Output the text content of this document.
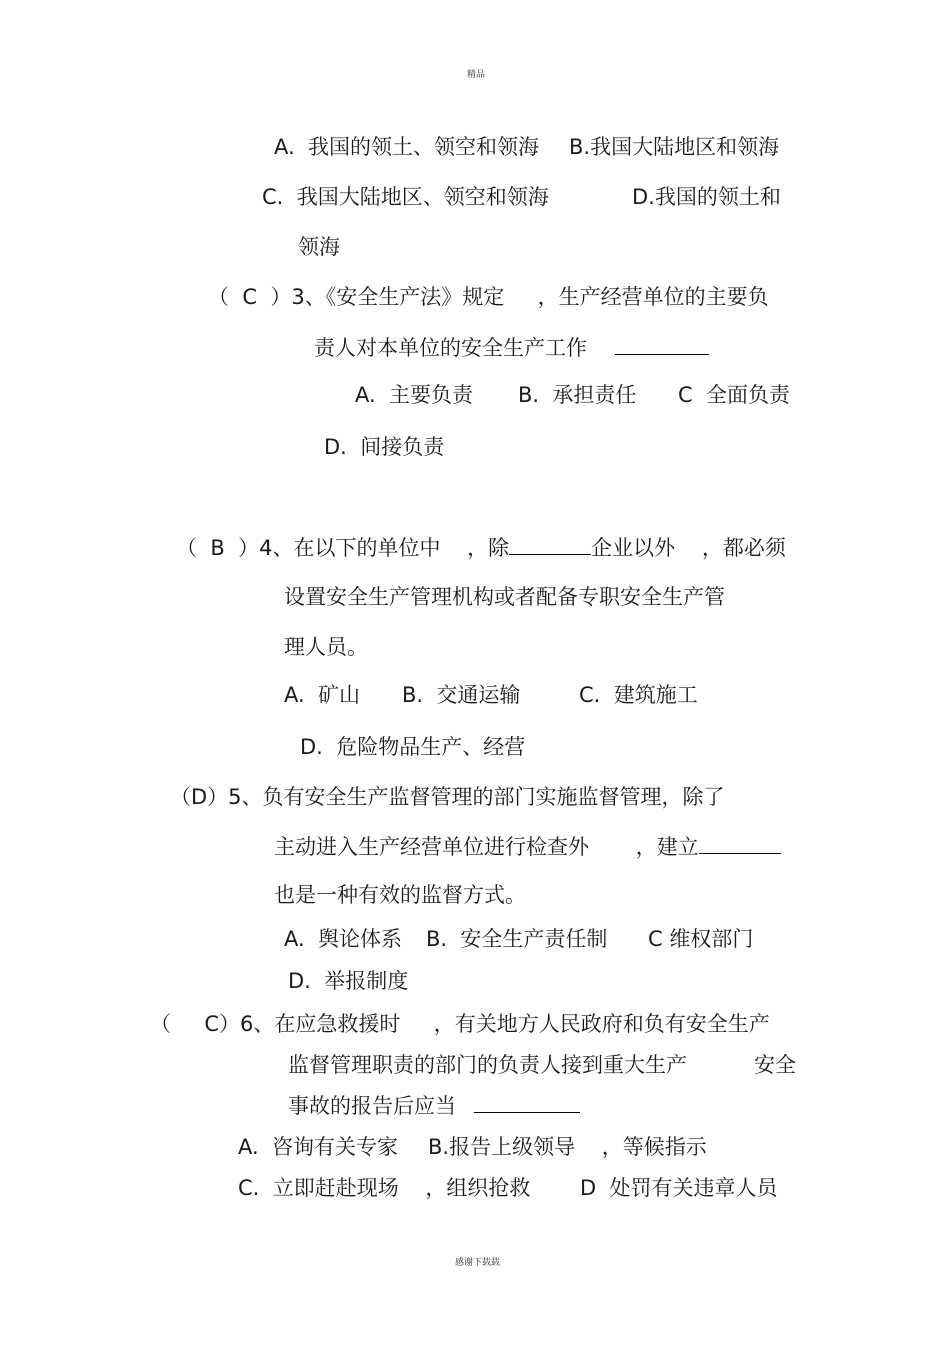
精品
A.  我国的领土、领空和领海 B.我国大陆地区和领海
C.  我国大陆地区、领空和领海	D.我国的领土和
领海
（  C  ）3、《安全生产法》规定     ，生产经营单位的主要负
责人对本单位的安全生产工作
A.  主要负责 B.  承担责任 C  全面负责
D.  间接负责
（  B  ）4、在以下的单位中    ，除	企业以外    ，都必须
设置安全生产管理机构或者配备专职安全生产管
理人员。
A.  矿山 B.  交通运输	C.  建筑施工
D.  危险物品生产、经营
（D）5、负有安全生产监督管理的部门实施监督管理，除了
主动进入生产经营单位进行检查外       ，建立
也是一种有效的监督方式。
A.  舆论体系 B.  安全生产责任制 C 维权部门
D.  举报制度
（     C）6、在应急救援时     ，有关地方人民政府和负有安全生产
监督管理职责的部门的负责人接到重大生产	安全
事故的报告后应当
A.  咨询有关专家 B.报告上级领导    ，等候指示
C.  立即赶赴现场    ，组织抢救 D  处罚有关违章人员
感谢下载载
